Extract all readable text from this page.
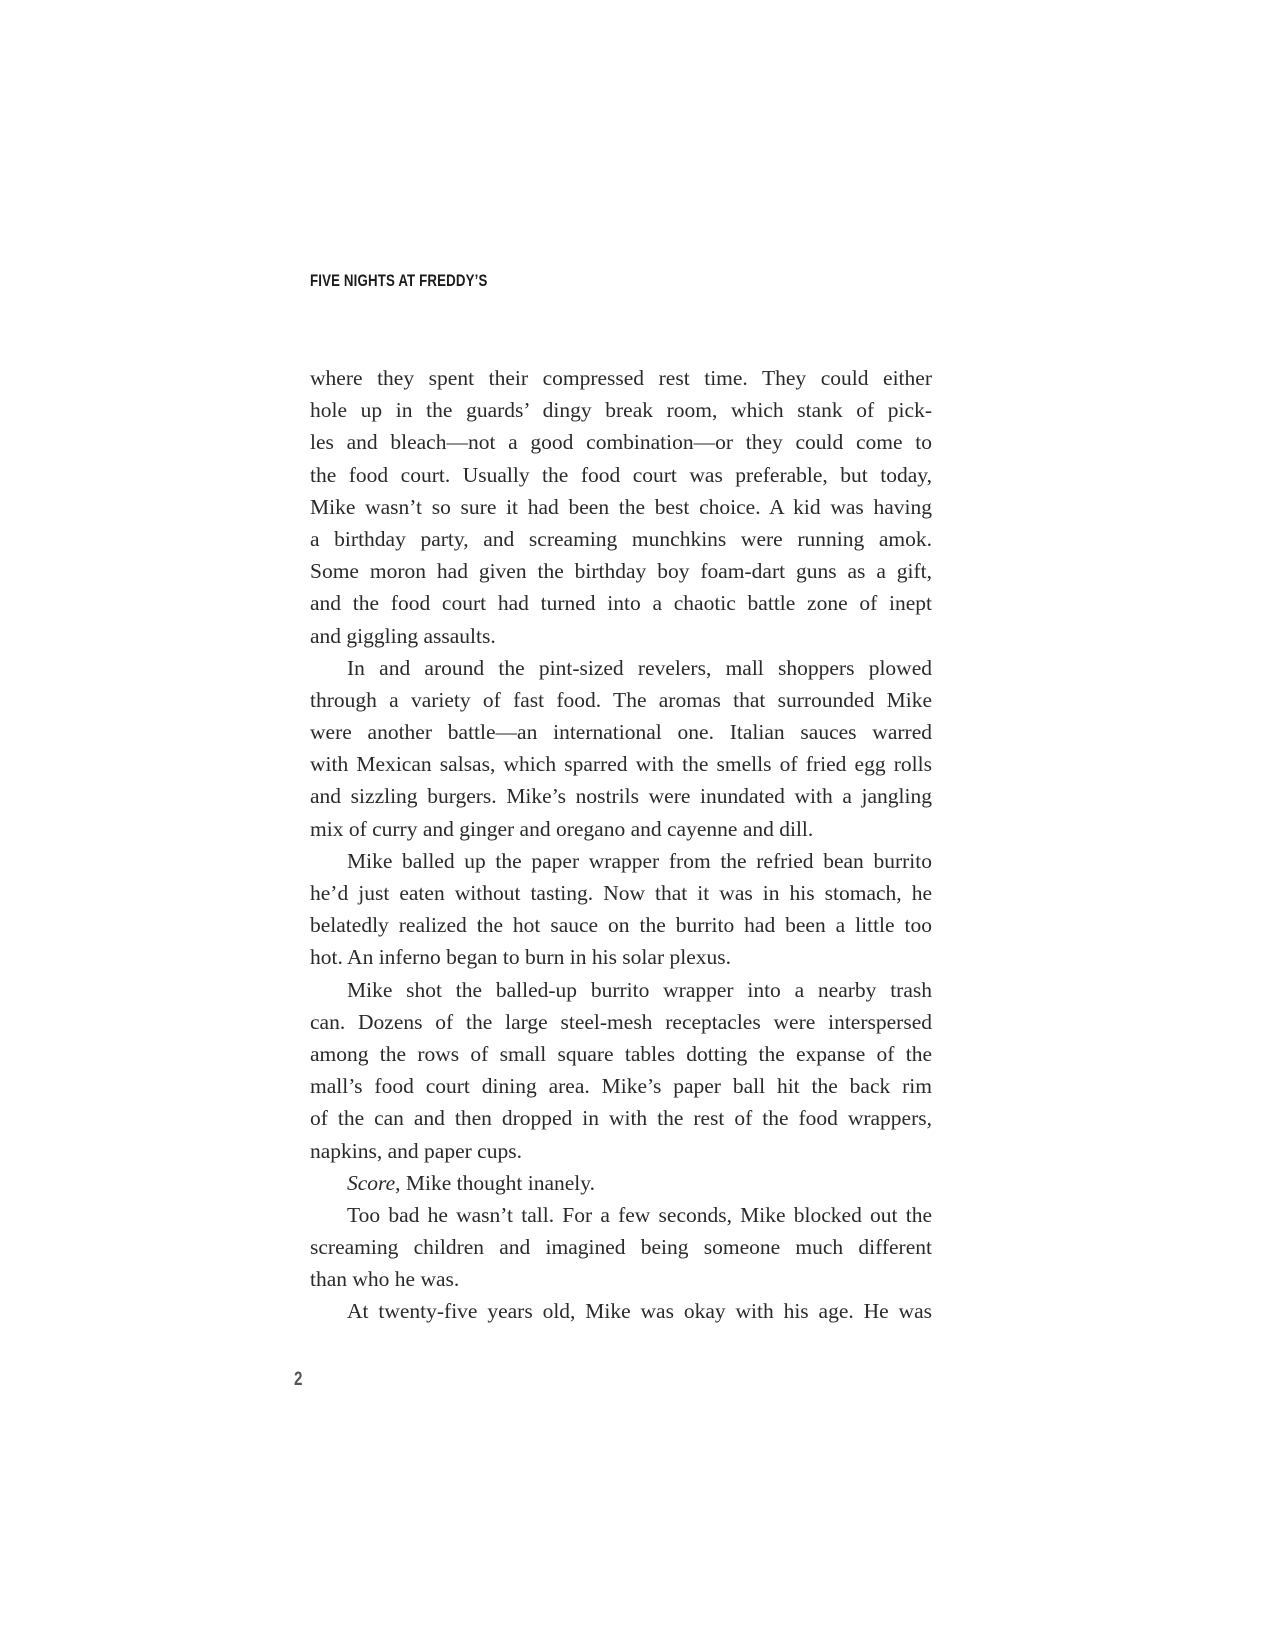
FIVE NIGHTS AT FREDDY’S
where they spent their compressed rest time. They could either
hole up in the guards’ dingy break room, which stank of pick-
les and bleach—not a good combination—or they could come to
the food court. Usually the food court was preferable, but today,
Mike wasn’t so sure it had been the best choice. A kid was having
a birthday party, and screaming munchkins were running amok.
Some moron had given the birthday boy foam-dart guns as a gift,
and the food court had turned into a chaotic battle zone of inept
and giggling assaults.
In and around the pint-sized revelers, mall shoppers plowed
through a variety of fast food. The aromas that surrounded Mike
were another battle—an international one. Italian sauces warred
with Mexican salsas, which sparred with the smells of fried egg rolls
and sizzling burgers. Mike’s nostrils were inundated with a jangling
mix of curry and ginger and oregano and cayenne and dill.
Mike balled up the paper wrapper from the refried bean burrito
he’d just eaten without tasting. Now that it was in his stomach, he
belatedly realized the hot sauce on the burrito had been a little too
hot. An inferno began to burn in his solar plexus.
Mike shot the balled-up burrito wrapper into a nearby trash
can. Dozens of the large steel-mesh receptacles were interspersed
among the rows of small square tables dotting the expanse of the
mall’s food court dining area. Mike’s paper ball hit the back rim
of the can and then dropped in with the rest of the food wrappers,
napkins, and paper cups.
Score, Mike thought inanely.
Too bad he wasn’t tall. For a few seconds, Mike blocked out the
screaming children and imagined being someone much different
than who he was.
At twenty-five years old, Mike was okay with his age. He was
2
